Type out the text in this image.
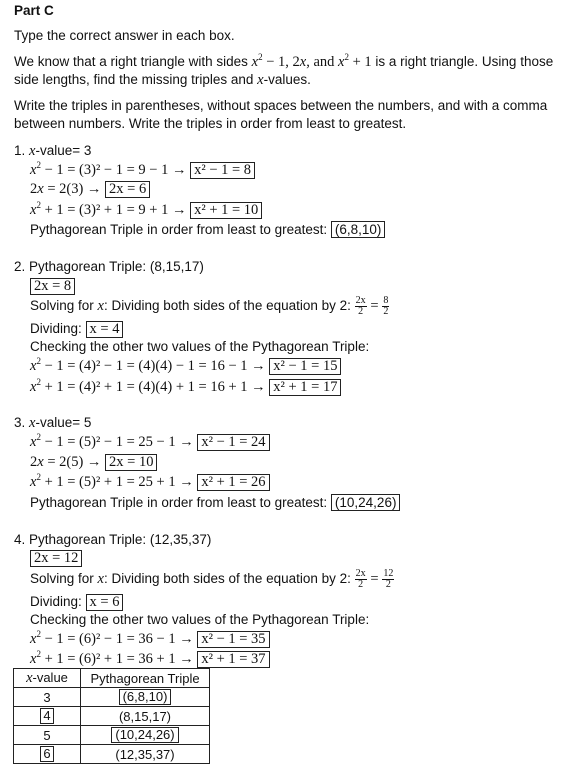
Part C
Type the correct answer in each box.
We know that a right triangle with sides $x^2 - 1$, 2x, and $x^2 + 1$ is a right triangle. Using those
side lengths, find the missing triples and x-values.
Write the triples in parentheses, without spaces between the numbers, and with a comma between numbers. Write the triples in order from least to greatest.
1. x-value= 3
$x^2 - 1 = (3)^2 - 1 = 9 - 1 \to x^2 - 1 = 8$
2x = 2(3) → 2x = 6
$x^2 + 1 = (3)^2 + 1 = 9 + 1 \to x^2 + 1 = 10$
Pythagorean Triple in order from least to greatest: (6,8,10)
2. Pythagorean Triple: (8,15,17)
2x = 8
Solving for x: Dividing both sides of the equation by 2: $\frac{2x}{2} = \frac{8}{2}$
Dividing: x = 4
Checking the other two values of the Pythagorean Triple:
$x^2 - 1 = (4)^2 - 1 = (4)(4) - 1 = 16 - 1 \to x^2 - 1 = 15$
$x^2 + 1 = (4)^2 + 1 = (4)(4) + 1 = 16 + 1 \to x^2 + 1 = 17$
3. x-value= 5
$x^2 - 1 = (5)^2 - 1 = 25 - 1 \to x^2 - 1 = 24$
2x = 2(5) → 2x = 10
$x^2 + 1 = (5)^2 + 1 = 25 + 1 \to x^2 + 1 = 26$
Pythagorean Triple in order from least to greatest: (10,24,26)
4. Pythagorean Triple: (12,35,37)
2x = 12
Solving for x: Dividing both sides of the equation by 2: $\frac{2x}{2} = \frac{12}{2}$
Dividing: x = 6
Checking the other two values of the Pythagorean Triple:
$x^2 - 1 = (6)^2 - 1 = 36 - 1 \to x^2 - 1 = 35$
$x^2 + 1 = (6)^2 + 1 = 36 + 1 \to x^2 + 1 = 37$
x-value	Pythagorean Triple
3	(6,8,10)
4	(8,15,17)
5	(10,24,26)
6	(12,35,37)
